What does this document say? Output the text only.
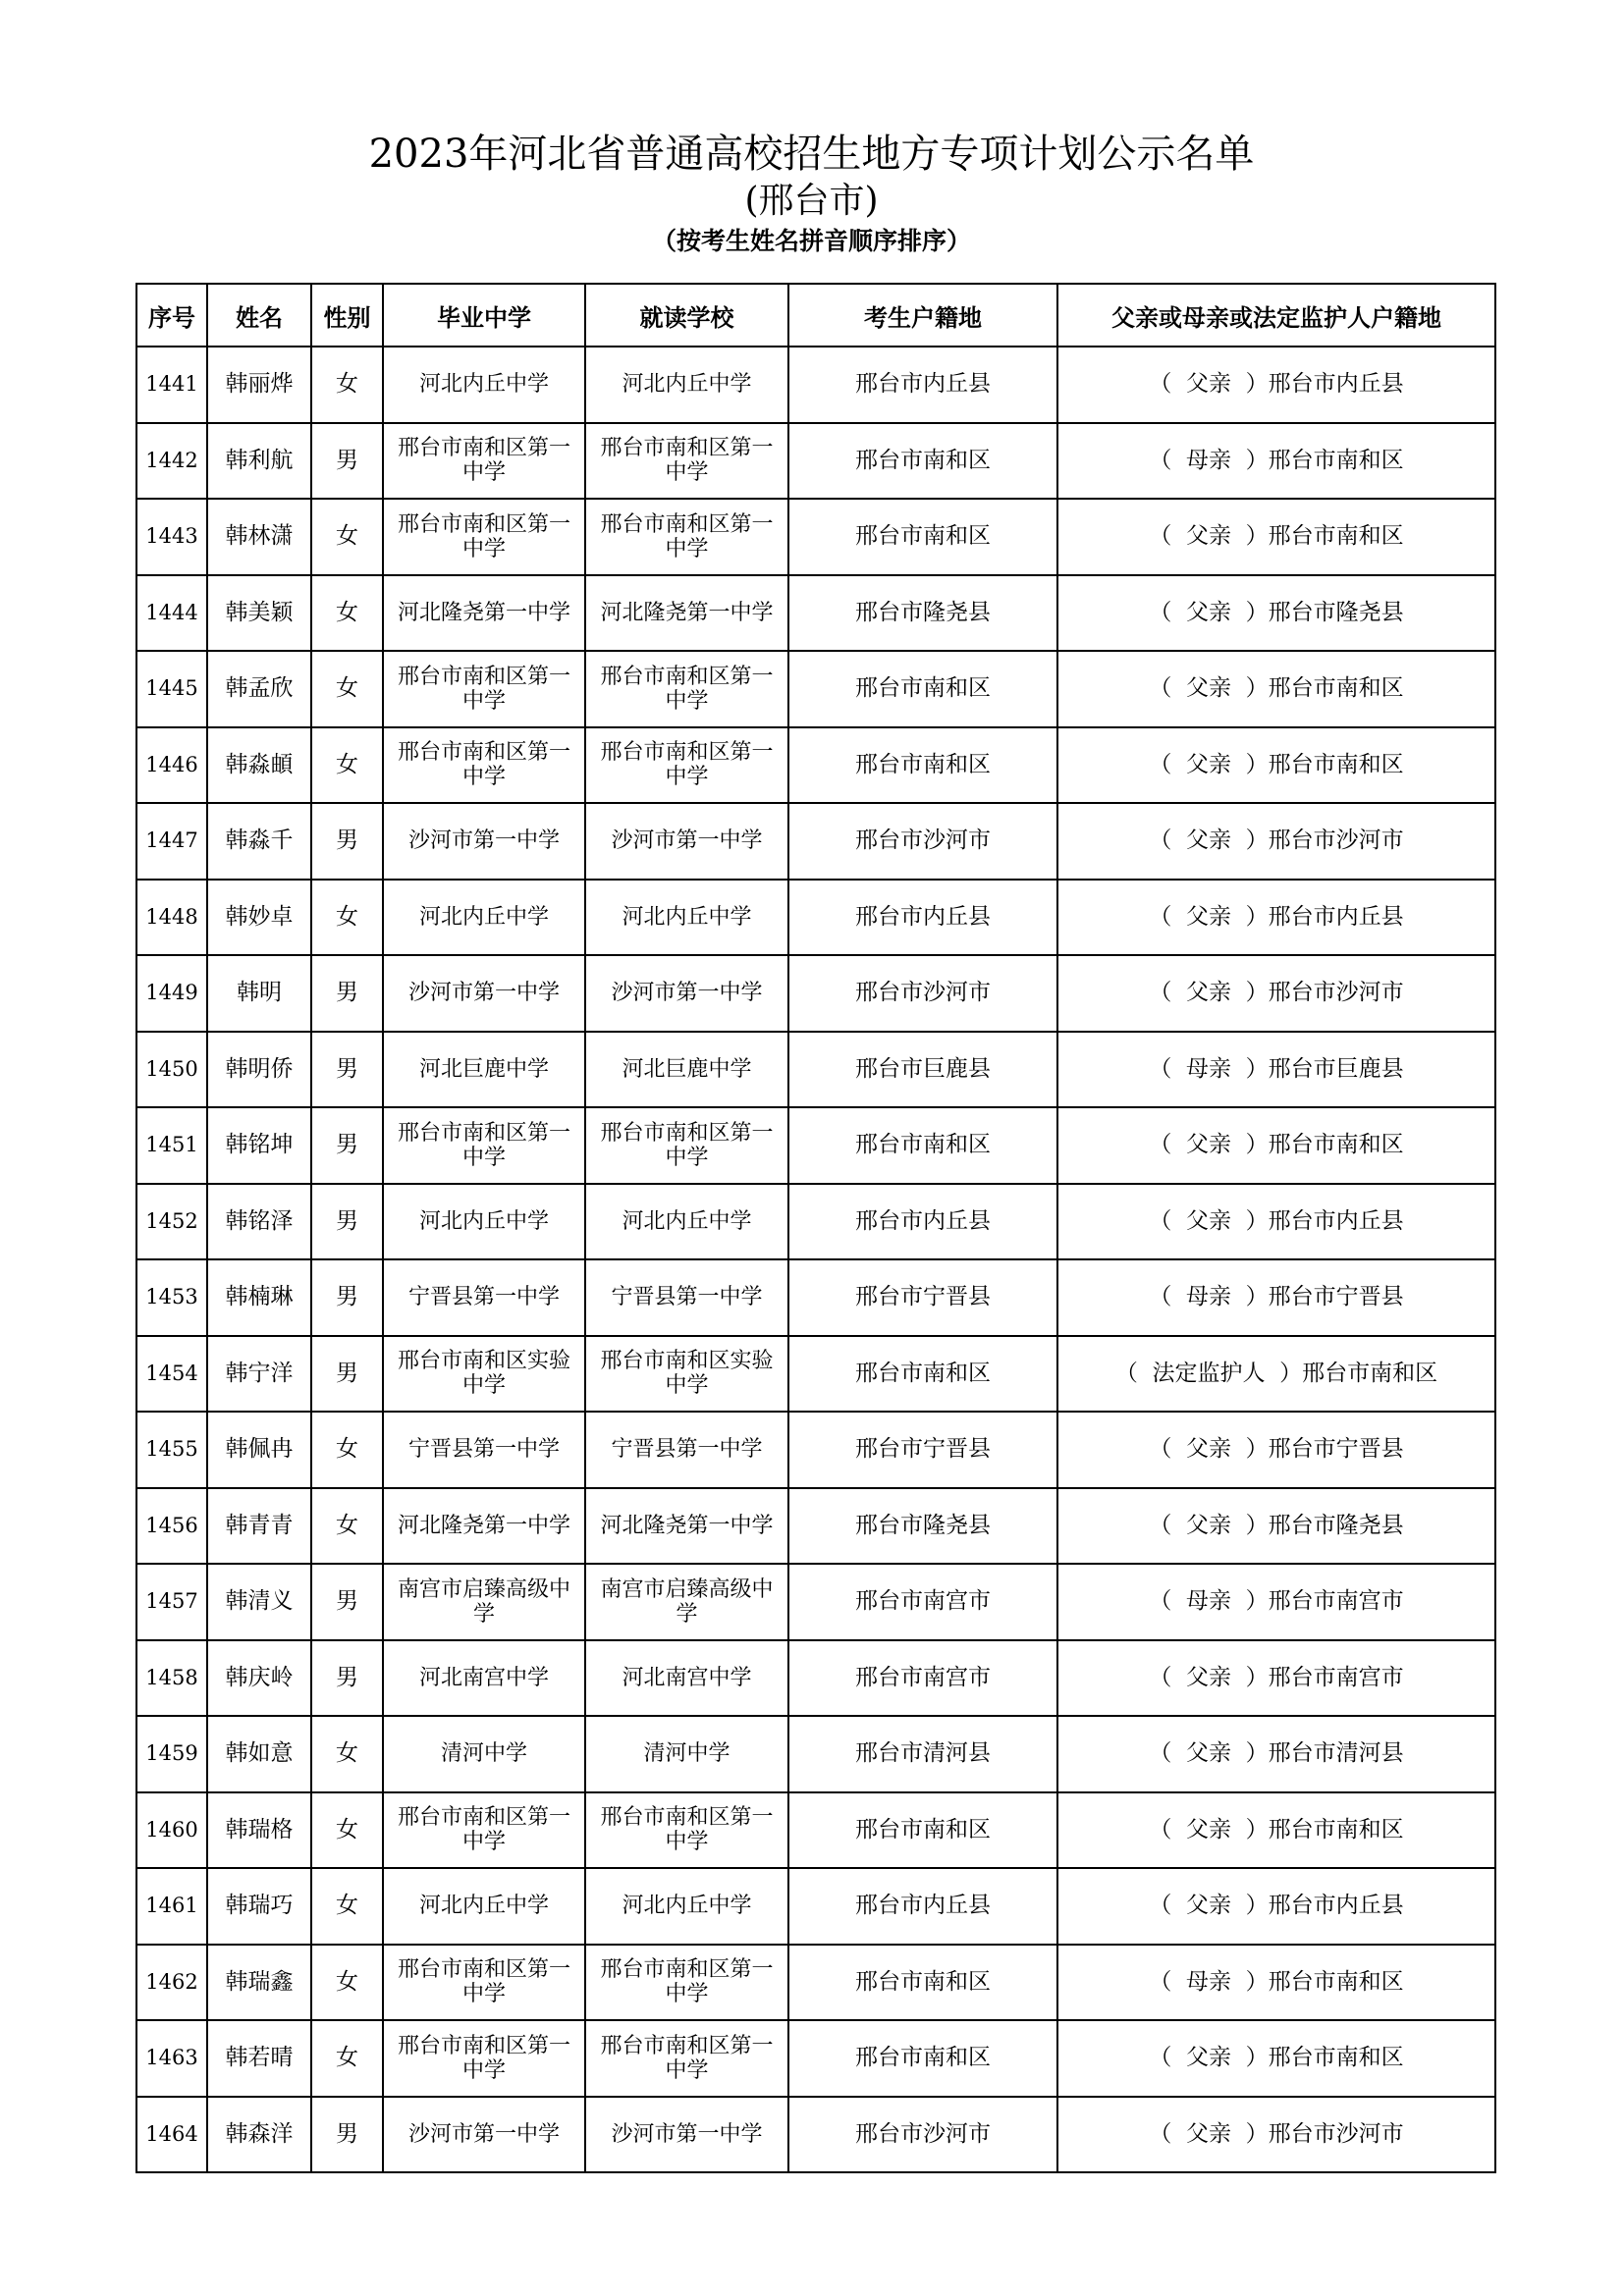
2023年河北省普通高校招生地方专项计划公示名单
(邢台市)
（按考生姓名拼音顺序排序）
序号	姓名	性别	毕业中学	就读学校	考生户籍地	父亲或母亲或法定监护人户籍地
1441	韩丽烨	女	河北内丘中学	河北内丘中学	邢台市内丘县	（  父亲  ）邢台市内丘县
1442	韩利航	男	邢台市南和区第一中学	邢台市南和区第一中学	邢台市南和区	（  母亲  ）邢台市南和区
1443	韩林潇	女	邢台市南和区第一中学	邢台市南和区第一中学	邢台市南和区	（  父亲  ）邢台市南和区
1444	韩美颖	女	河北隆尧第一中学	河北隆尧第一中学	邢台市隆尧县	（  父亲  ）邢台市隆尧县
1445	韩孟欣	女	邢台市南和区第一中学	邢台市南和区第一中学	邢台市南和区	（  父亲  ）邢台市南和区
1446	韩淼頔	女	邢台市南和区第一中学	邢台市南和区第一中学	邢台市南和区	（  父亲  ）邢台市南和区
1447	韩淼千	男	沙河市第一中学	沙河市第一中学	邢台市沙河市	（  父亲  ）邢台市沙河市
1448	韩妙卓	女	河北内丘中学	河北内丘中学	邢台市内丘县	（  父亲  ）邢台市内丘县
1449	韩明	男	沙河市第一中学	沙河市第一中学	邢台市沙河市	（  父亲  ）邢台市沙河市
1450	韩明侨	男	河北巨鹿中学	河北巨鹿中学	邢台市巨鹿县	（  母亲  ）邢台市巨鹿县
1451	韩铭坤	男	邢台市南和区第一中学	邢台市南和区第一中学	邢台市南和区	（  父亲  ）邢台市南和区
1452	韩铭泽	男	河北内丘中学	河北内丘中学	邢台市内丘县	（  父亲  ）邢台市内丘县
1453	韩楠琳	男	宁晋县第一中学	宁晋县第一中学	邢台市宁晋县	（  母亲  ）邢台市宁晋县
1454	韩宁洋	男	邢台市南和区实验中学	邢台市南和区实验中学	邢台市南和区	（  法定监护人  ）邢台市南和区
1455	韩佩冉	女	宁晋县第一中学	宁晋县第一中学	邢台市宁晋县	（  父亲  ）邢台市宁晋县
1456	韩青青	女	河北隆尧第一中学	河北隆尧第一中学	邢台市隆尧县	（  父亲  ）邢台市隆尧县
1457	韩清义	男	南宫市启臻高级中学	南宫市启臻高级中学	邢台市南宫市	（  母亲  ）邢台市南宫市
1458	韩庆岭	男	河北南宫中学	河北南宫中学	邢台市南宫市	（  父亲  ）邢台市南宫市
1459	韩如意	女	清河中学	清河中学	邢台市清河县	（  父亲  ）邢台市清河县
1460	韩瑞格	女	邢台市南和区第一中学	邢台市南和区第一中学	邢台市南和区	（  父亲  ）邢台市南和区
1461	韩瑞巧	女	河北内丘中学	河北内丘中学	邢台市内丘县	（  父亲  ）邢台市内丘县
1462	韩瑞鑫	女	邢台市南和区第一中学	邢台市南和区第一中学	邢台市南和区	（  母亲  ）邢台市南和区
1463	韩若晴	女	邢台市南和区第一中学	邢台市南和区第一中学	邢台市南和区	（  父亲  ）邢台市南和区
1464	韩森洋	男	沙河市第一中学	沙河市第一中学	邢台市沙河市	（  父亲  ）邢台市沙河市
